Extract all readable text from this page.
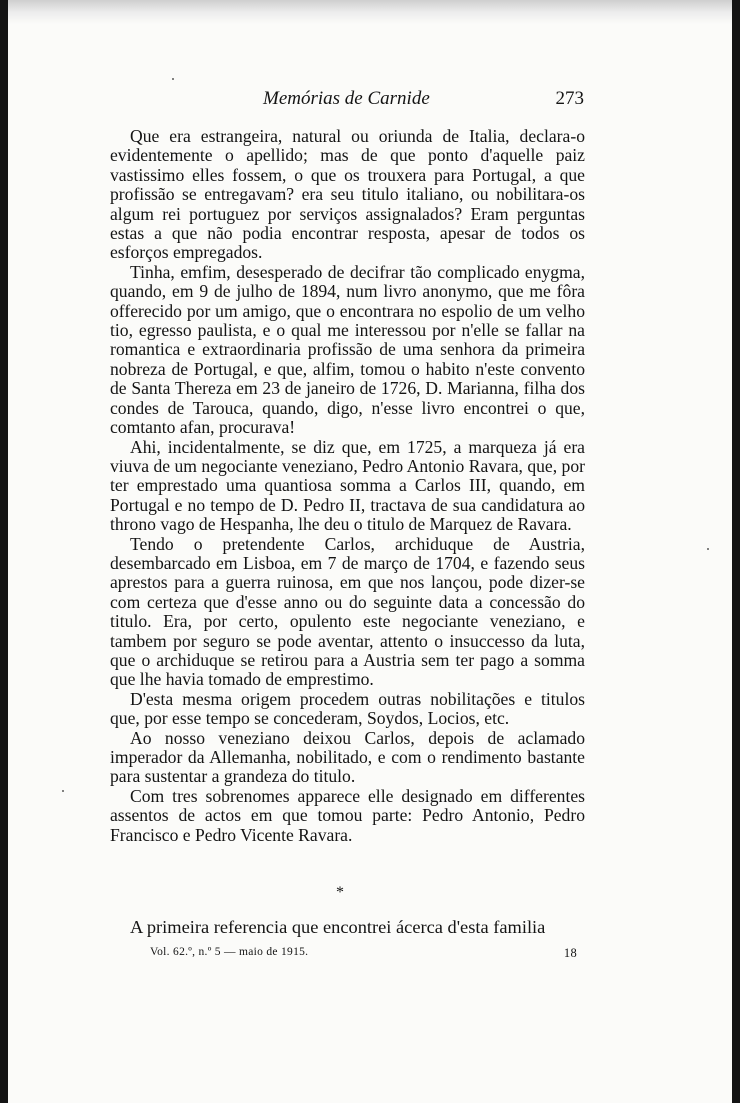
Memórias de Carnide	273

Que era estrangeira, natural ou oriunda de Italia, declara-o evidentemente o apellido; mas de que ponto d'aquelle paiz vastissimo elles fossem, o que os trouxera para Portugal, a que profissão se entregavam? era seu titulo italiano, ou nobilitara-os algum rei portuguez por serviços assignalados? Eram perguntas estas a que não podia encontrar resposta, apesar de todos os esforços empregados.

Tinha, emfim, desesperado de decifrar tão complicado enygma, quando, em 9 de julho de 1894, num livro anonymo, que me fôra offerecido por um amigo, que o encontrara no espolio de um velho tio, egresso paulista, e o qual me interessou por n'elle se fallar na romantica e extraordinaria profissão de uma senhora da primeira nobreza de Portugal, e que, alfim, tomou o habito n'este convento de Santa Thereza em 23 de janeiro de 1726, D. Marianna, filha dos condes de Tarouca, quando, digo, n'esse livro encontrei o que, comtanto afan, procurava!

Ahi, incidentalmente, se diz que, em 1725, a marqueza já era viuva de um negociante veneziano, Pedro Antonio Ravara, que, por ter emprestado uma quantiosa somma a Carlos III, quando, em Portugal e no tempo de D. Pedro II, tractava de sua candidatura ao throno vago de Hespanha, lhe deu o titulo de Marquez de Ravara.

Tendo o pretendente Carlos, archiduque de Austria, desembarcado em Lisboa, em 7 de março de 1704, e fazendo seus aprestos para a guerra ruinosa, em que nos lançou, pode dizer-se com certeza que d'esse anno ou do seguinte data a concessão do titulo. Era, por certo, opulento este negociante veneziano, e tambem por seguro se pode aventar, attento o insuccesso da luta, que o archiduque se retirou para a Austria sem ter pago a somma que lhe havia tomado de emprestimo.

D'esta mesma origem procedem outras nobilitações e titulos que, por esse tempo se concederam, Soydos, Locios, etc.

Ao nosso veneziano deixou Carlos, depois de aclamado imperador da Allemanha, nobilitado, e com o rendimento bastante para sustentar a grandeza do titulo.

Com tres sobrenomes apparece elle designado em differentes assentos de actos em que tomou parte: Pedro Antonio, Pedro Francisco e Pedro Vicente Ravara.

*
A primeira referencia que encontrei ácerca d'esta familia
Vol. 62.º, n.º 5 — maio de 1915.	18
